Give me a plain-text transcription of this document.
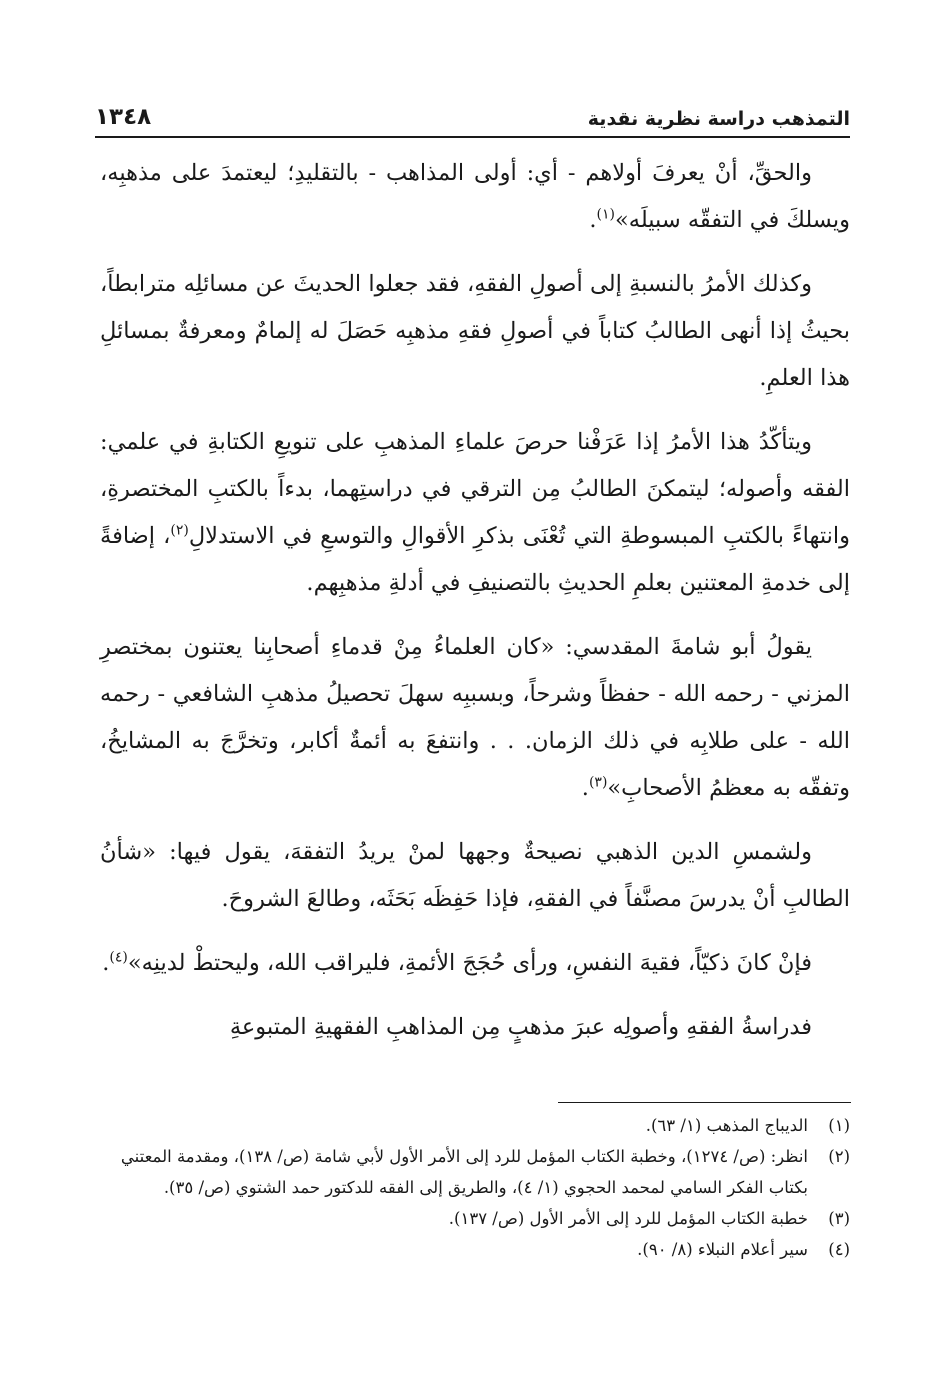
١٣٤٨	التمذهب دراسة نظرية نقدية

والحقِّ، أنْ يعرفَ أولاهم - أي: أولى المذاهب - بالتقليدِ؛ ليعتمدَ على مذهبِه، ويسلكَ في التفقّه سبيلَه»$^{(١)}$.

وكذلك الأمرُ بالنسبةِ إلى أصولِ الفقهِ، فقد جعلوا الحديثَ عن مسائلِه مترابطاً، بحيثُ إذا أنهى الطالبُ كتاباً في أصولِ فقهِ مذهبِه حَصَلَ له إلمامٌ ومعرفةٌ بمسائلِ هذا العلمِ.

ويتأكّدُ هذا الأمرُ إذا عَرَفْنا حرصَ علماءِ المذهبِ على تنويعِ الكتابةِ في علمي: الفقه وأصوله؛ ليتمكنَ الطالبُ مِن الترقي في دراستِهما، بدءاً بالكتبِ المختصرةِ، وانتهاءً بالكتبِ المبسوطةِ التي تُعْنَى بذكرِ الأقوالِ والتوسعِ في الاستدلالِ$^{(٢)}$، إضافةً إلى خدمةِ المعتنين بعلمِ الحديثِ بالتصنيفِ في أدلةِ مذهبِهم.

يقولُ أبو شامةَ المقدسي: «كان العلماءُ مِنْ قدماءِ أصحابِنا يعتنون بمختصرِ المزني - رحمه الله - حفظاً وشرحاً، وبسببِه سهلَ تحصيلُ مذهبِ الشافعي - رحمه الله - على طلابِه في ذلك الزمان. . . وانتفعَ به أئمةٌ أكابر، وتخرَّجَ به المشايخُ، وتفقّه به معظمُ الأصحابِ»$^{(٣)}$.

ولشمسِ الدين الذهبي نصيحةٌ وجهها لمنْ يريدُ التفقهَ، يقول فيها: «شأنُ الطالبِ أنْ يدرسَ مصنَّفاً في الفقهِ، فإذا حَفِظَه بَحَثَه، وطالعَ الشروحَ.

فإنْ كانَ ذكيّاً، فقيهَ النفسِ، ورأى حُجَجَ الأئمةِ، فليراقب الله، وليحتطْ لدينِه»$^{(٤)}$.

فدراسةُ الفقهِ وأصولِه عبرَ مذهبٍ مِن المذاهبِ الفقهيةِ المتبوعةِ

(١)
الديباج المذهب (١/ ٦٣).
(٢)
انظر: (ص/ ١٢٧٤)، وخطبة الكتاب المؤمل للرد إلى الأمر الأول لأبي شامة (ص/ ١٣٨)، ومقدمة المعتني بكتاب الفكر السامي لمحمد الحجوي (١/ ٤)، والطريق إلى الفقه للدكتور حمد الشتوي (ص/ ٣٥).
(٣)
خطبة الكتاب المؤمل للرد إلى الأمر الأول (ص/ ١٣٧).
(٤)
سير أعلام النبلاء (٨/ ٩٠).
